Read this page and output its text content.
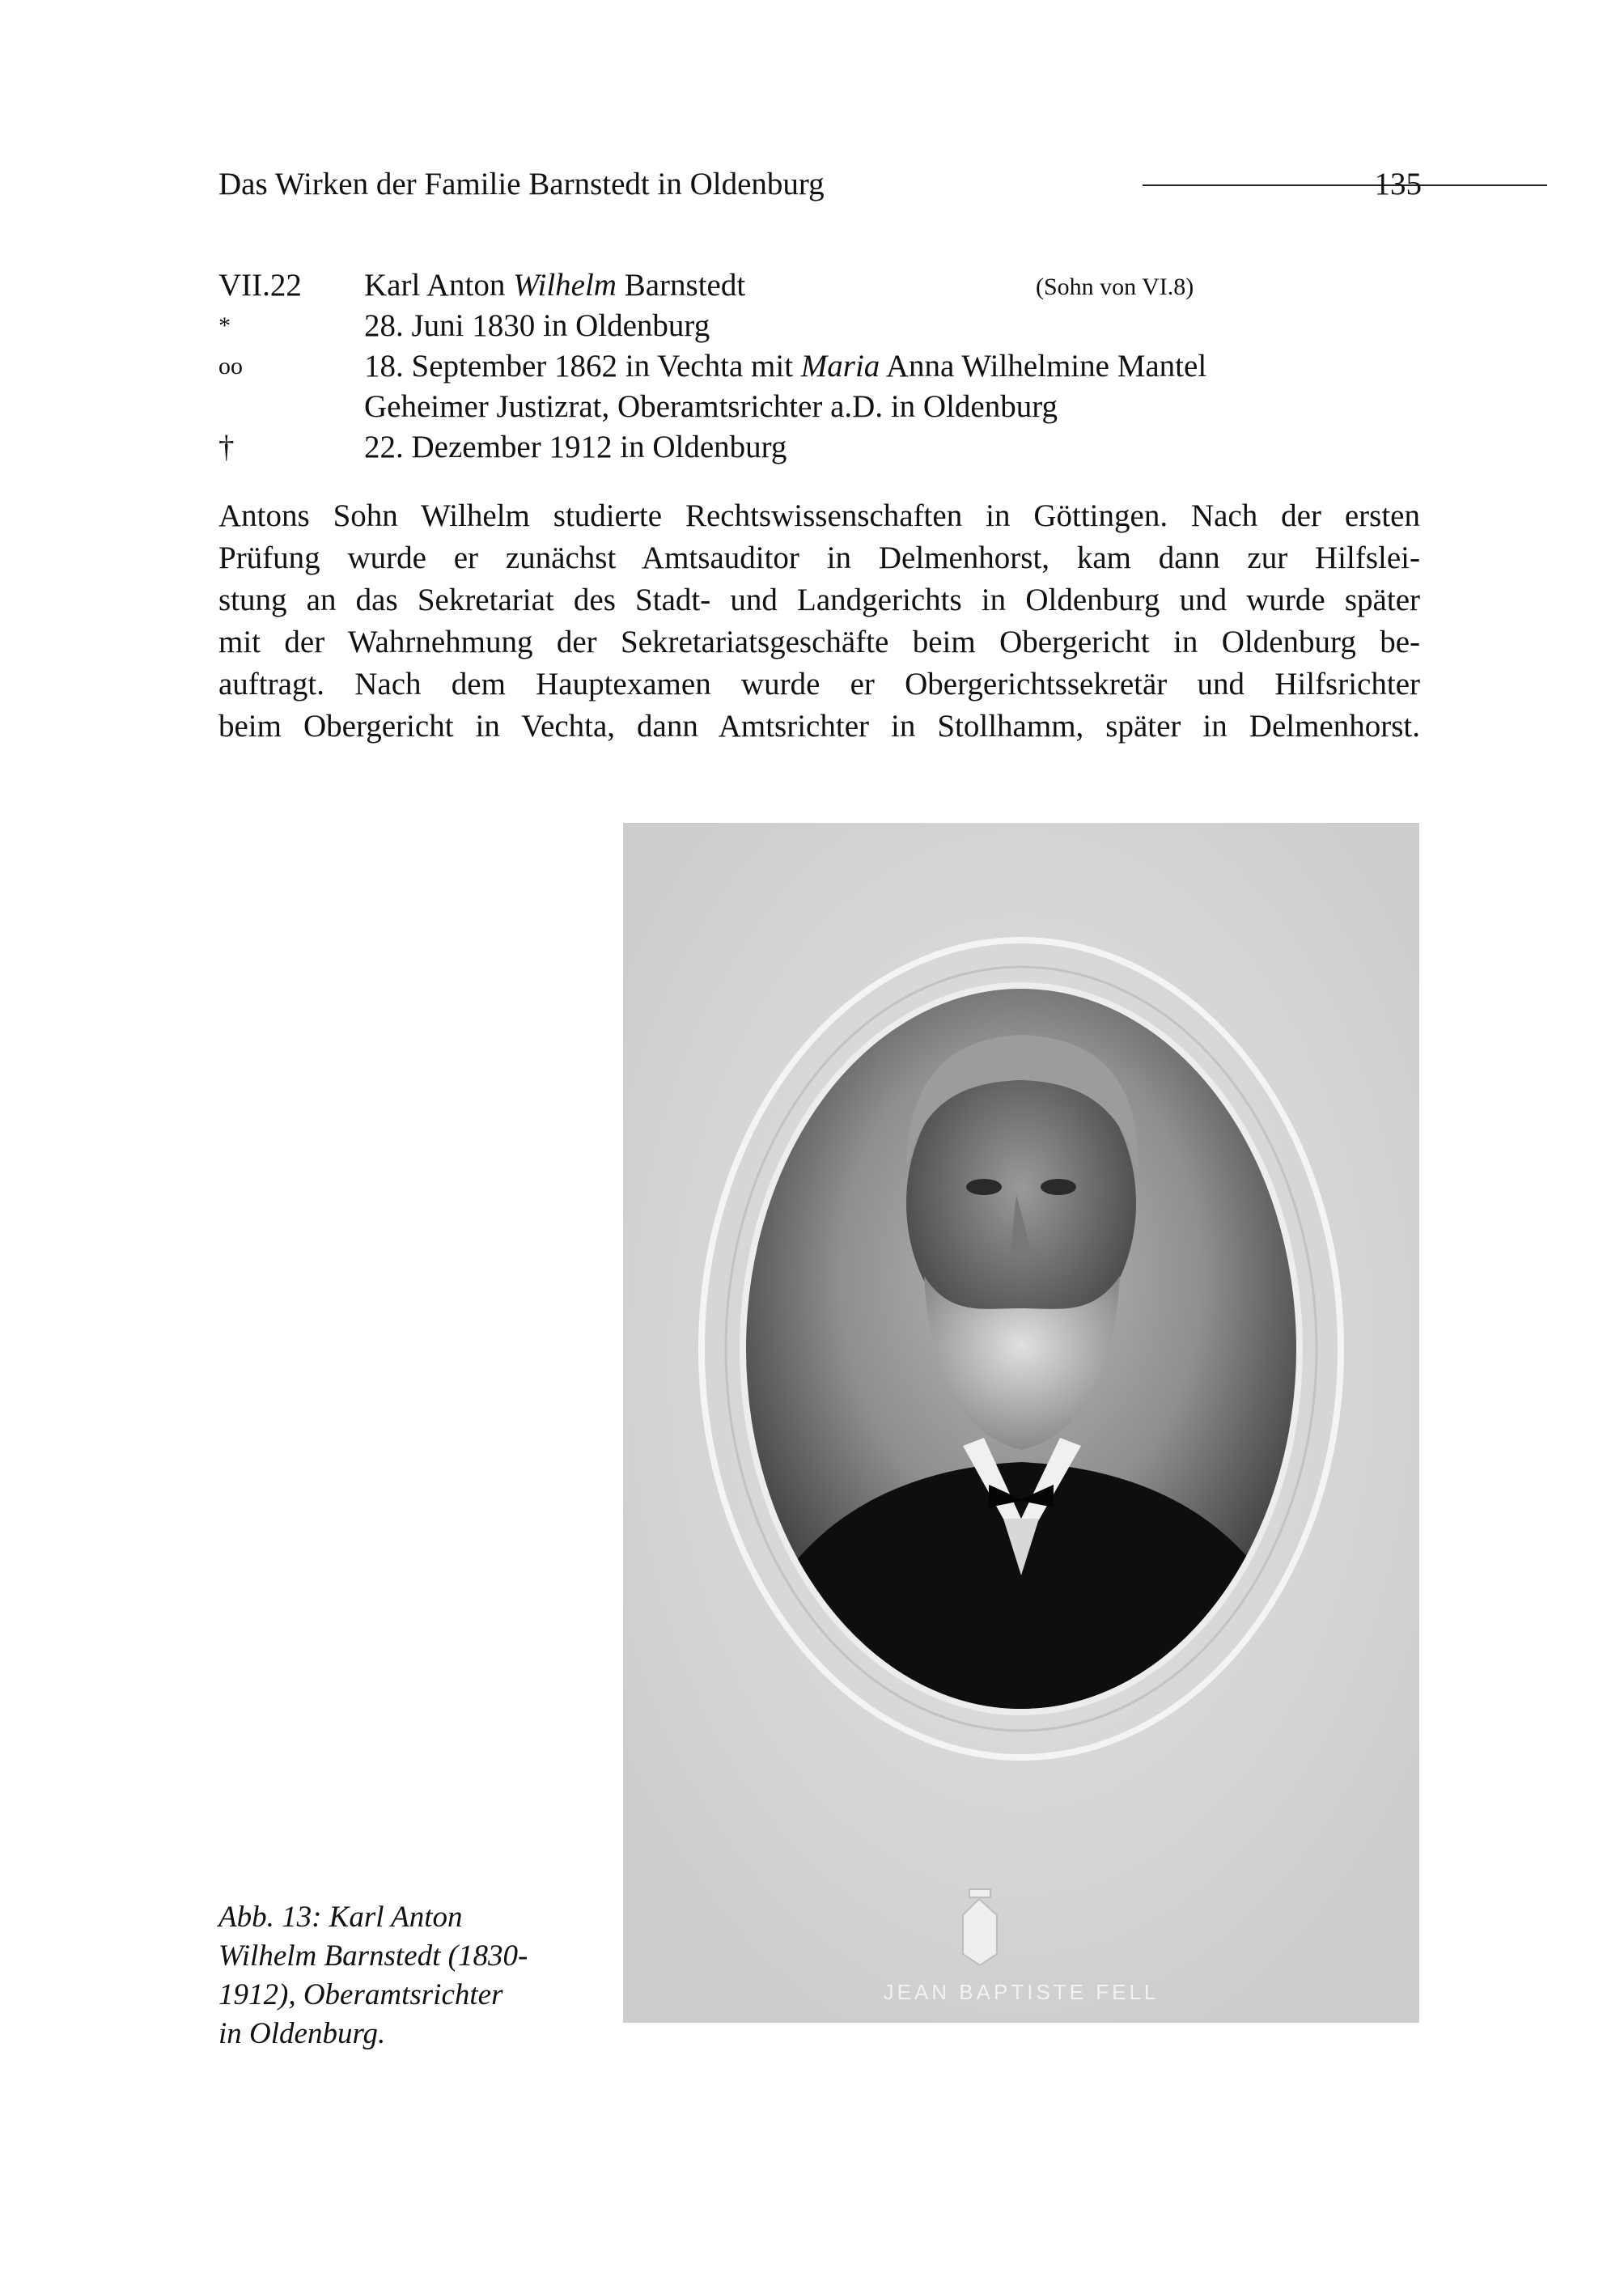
Das Wirken der Familie Barnstedt in Oldenburg	135
VII.22 Karl Anton Wilhelm Barnstedt	(Sohn von VI.8)
*	28. Juni 1830 in Oldenburg
oo	18. September 1862 in Vechta mit Maria Anna Wilhelmine Mantel
Geheimer Justizrat, Oberamtsrichter a.D. in Oldenburg
†	22. Dezember 1912 in Oldenburg

Antons Sohn Wilhelm studierte Rechtswissenschaften in Göttingen. Nach der ersten
Prüfung wurde er zunächst Amtsauditor in Delmenhorst, kam dann zur Hilfslei-
stung an das Sekretariat des Stadt- und Landgerichts in Oldenburg und wurde später
mit der Wahrnehmung der Sekretariatsgeschäfte beim Obergericht in Oldenburg be-
auftragt. Nach dem Hauptexamen wurde er Obergerichtssekretär und Hilfsrichter
beim Obergericht in Vechta, dann Amtsrichter in Stollhamm, später in Delmenhorst.

JEAN BAPTISTE FELL
Abb. 13: Karl Anton
Wilhelm Barnstedt (1830-
1912), Oberamtsrichter
in Oldenburg.
